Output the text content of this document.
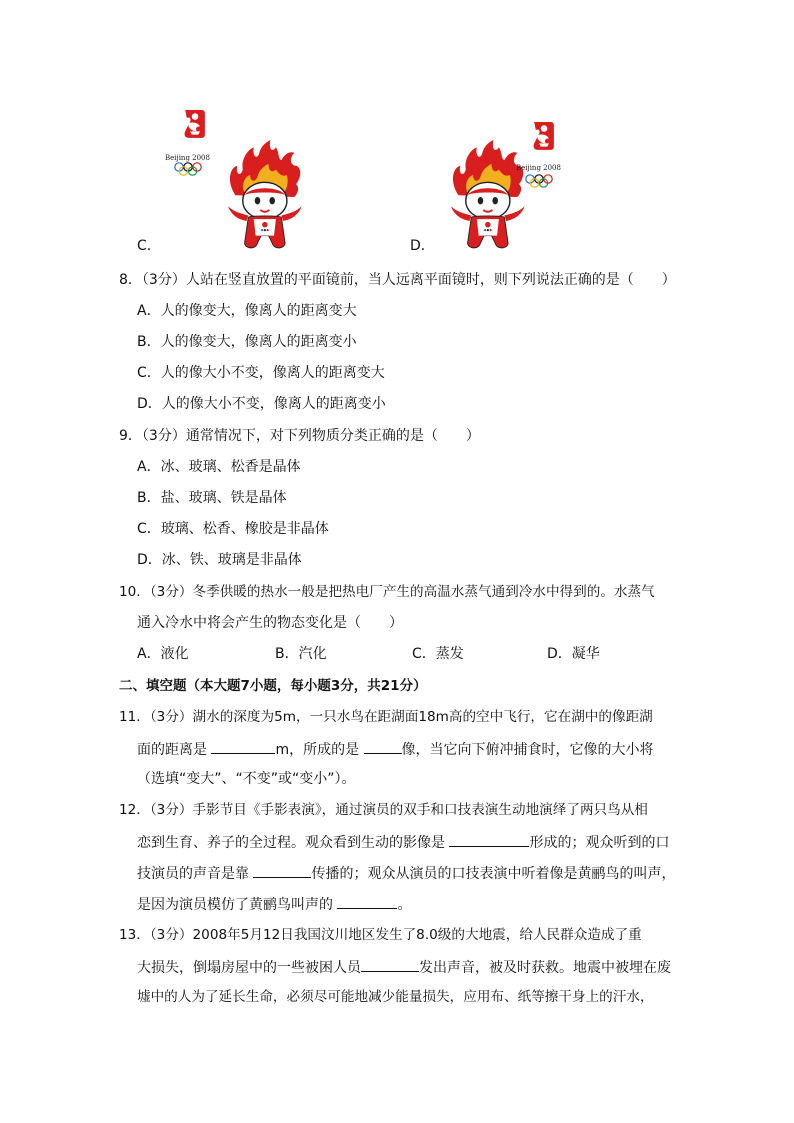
Beijing 2008
C．
Beijing 2008
D．
8．（3分）人站在竖直放置的平面镜前，当人远离平面镜时，则下列说法正确的是（　　）
A．人的像变大，像离人的距离变大
B．人的像变大，像离人的距离变小
C．人的像大小不变，像离人的距离变大
D．人的像大小不变，像离人的距离变小
9．（3分）通常情况下，对下列物质分类正确的是（　　）
A．冰、玻璃、松香是晶体
B．盐、玻璃、铁是晶体
C．玻璃、松香、橡胶是非晶体
D．冰、铁、玻璃是非晶体
10．（3分）冬季供暖的热水一般是把热电厂产生的高温水蒸气通到冷水中得到的。水蒸气
通入冷水中将会产生的物态变化是（　　）
A．液化	B．汽化	C．蒸发	D．凝华
二、填空题（本大题7小题，每小题3分，共21分）
11．（3分）湖水的深度为5m，一只水鸟在距湖面18m高的空中飞行，它在湖中的像距湖
面的距离是	m，所成的是	像，当它向下俯冲捕食时，它像的大小将
（选填“变大”、“不变”或“变小”）。
12．（3分）手影节目《手影表演》，通过演员的双手和口技表演生动地演绎了两只鸟从相
恋到生育、养子的全过程。观众看到生动的影像是	形成的；观众听到的口
技演员的声音是靠	传播的；观众从演员的口技表演中听着像是黄鹂鸟的叫声，
是因为演员模仿了黄鹂鸟叫声的	。
13．（3分）2008年5月12日我国汶川地区发生了8.0级的大地震，给人民群众造成了重
大损失，倒塌房屋中的一些被困人员	发出声音，被及时获救。地震中被埋在废
墟中的人为了延长生命，必须尽可能地减少能量损失，应用布、纸等擦干身上的汗水，
